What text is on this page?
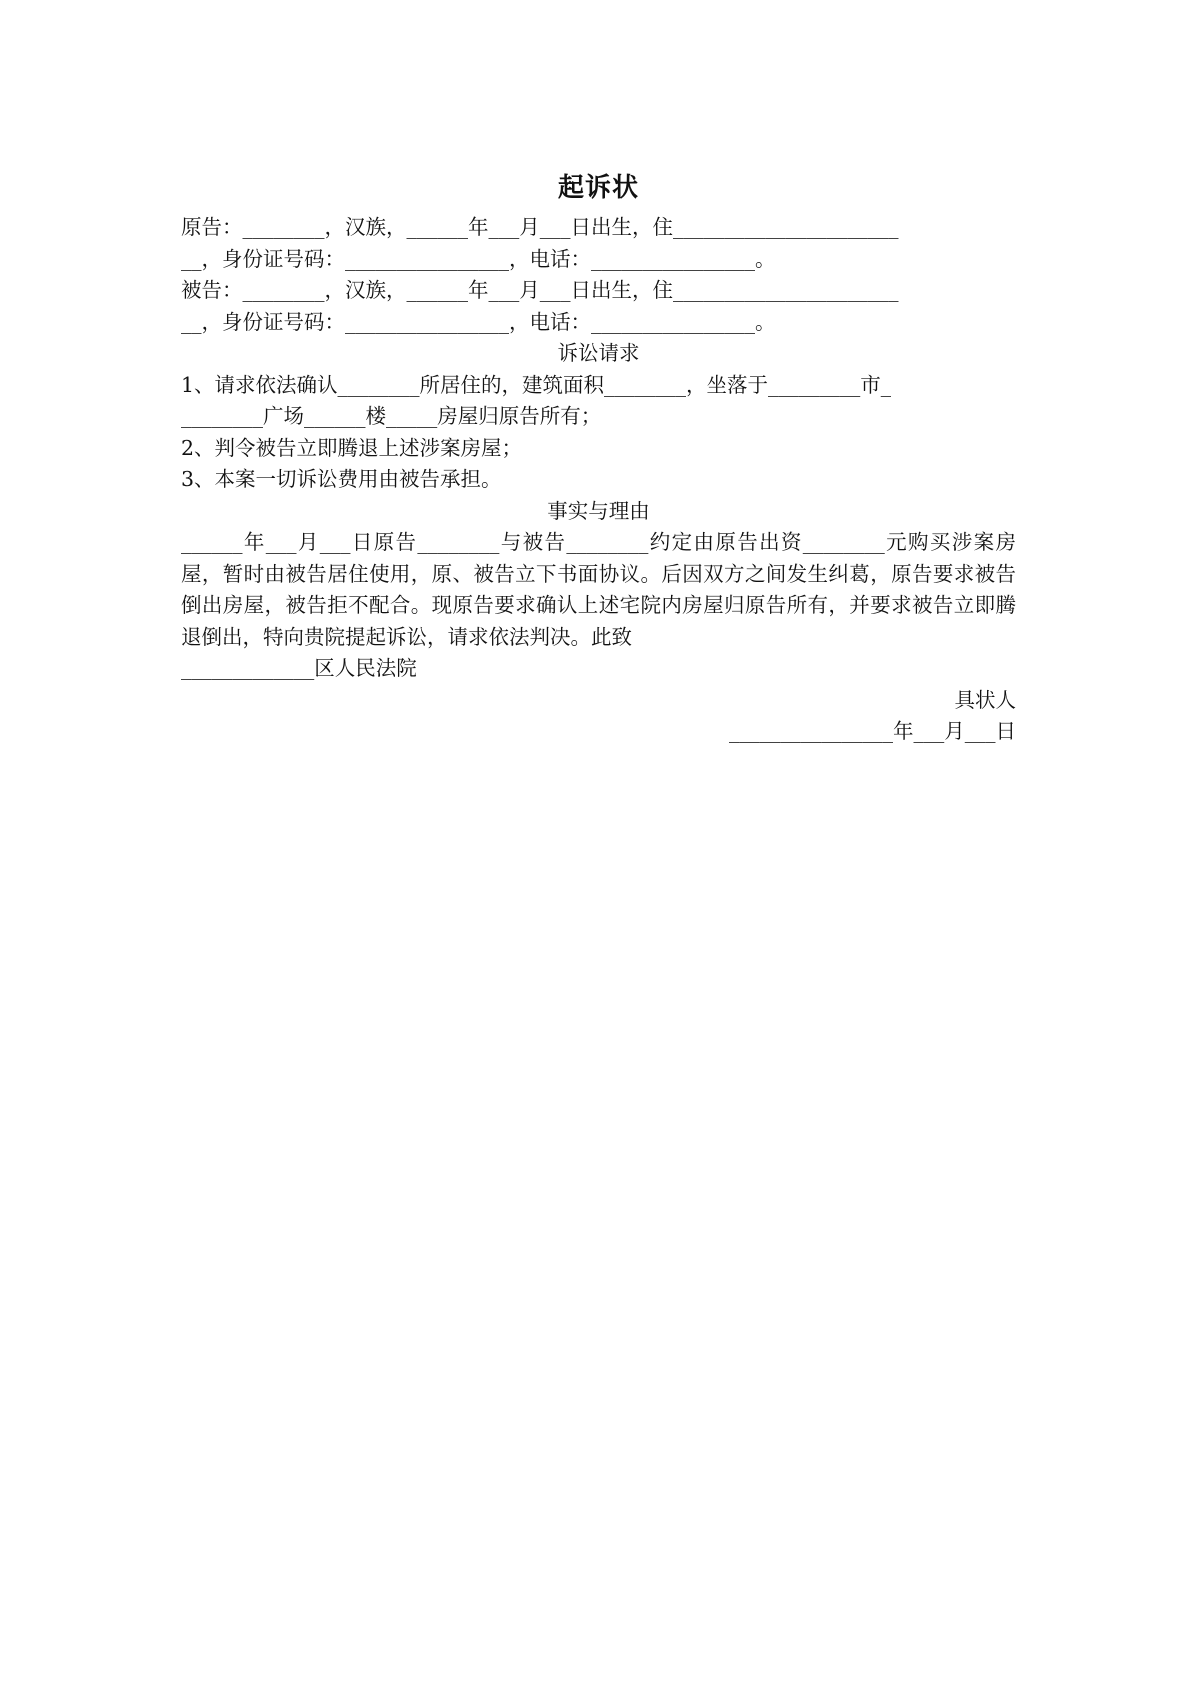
起诉状
原告：________，汉族，______年___月___日出生，住______________________
__，身份证号码：________________，电话：________________。
被告：________，汉族，______年___月___日出生，住______________________
__，身份证号码：________________，电话：________________。
诉讼请求
1、请求依法确认________所居住的，建筑面积________，坐落于_________市_
________广场______楼_____房屋归原告所有；
2、判令被告立即腾退上述涉案房屋；
3、本案一切诉讼费用由被告承担。
事实与理由
______年___月___日原告________与被告________约定由原告出资________元购买涉案房屋，暂时由被告居住使用，原、被告立下书面协议。后因双方之间发生纠葛，原告要求被告倒出房屋，被告拒不配合。现原告要求确认上述宅院内房屋归原告所有，并要求被告立即腾退倒出，特向贵院提起诉讼，请求依法判决。此致
_____________区人民法院
具状人
________________年___月___日
